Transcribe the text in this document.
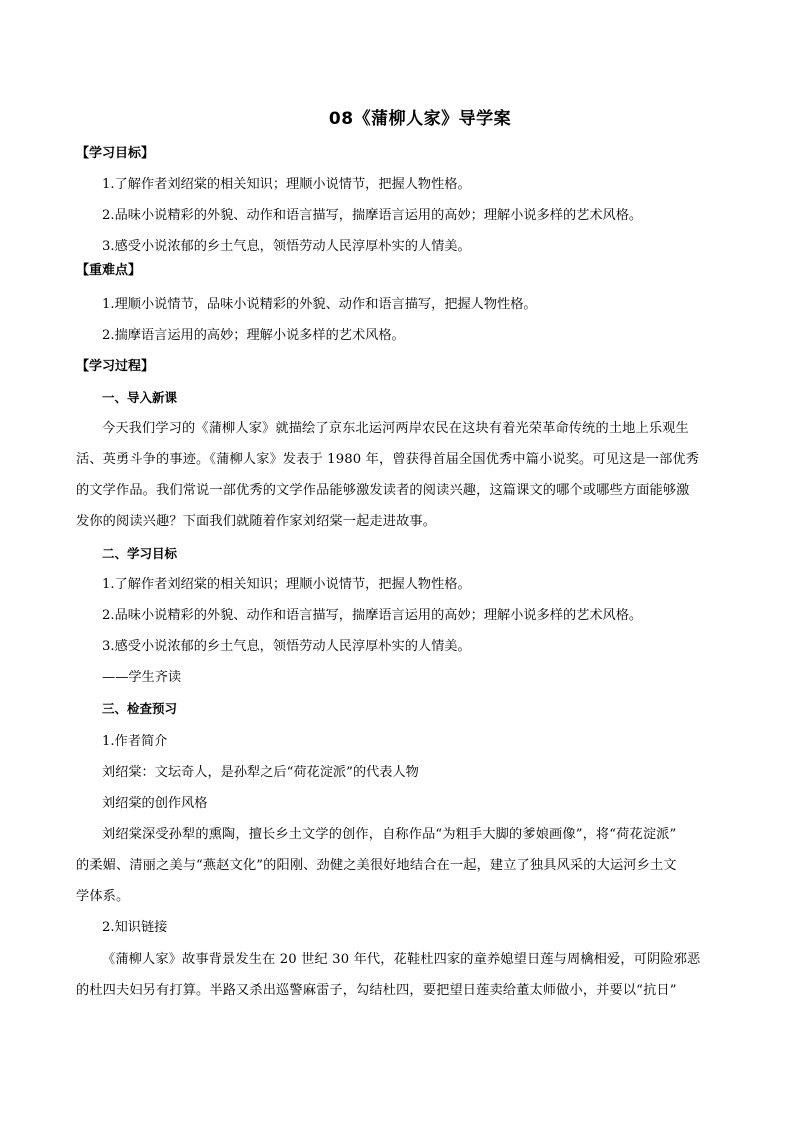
08《蒲柳人家》导学案
【学习目标】
1.了解作者刘绍棠的相关知识；理顺小说情节，把握人物性格。
2.品味小说精彩的外貌、动作和语言描写，揣摩语言运用的高妙；理解小说多样的艺术风格。
3.感受小说浓郁的乡土气息，领悟劳动人民淳厚朴实的人情美。
【重难点】
1.理顺小说情节，品味小说精彩的外貌、动作和语言描写，把握人物性格。
2.揣摩语言运用的高妙；理解小说多样的艺术风格。
【学习过程】
一、导入新课
今天我们学习的《蒲柳人家》就描绘了京东北运河两岸农民在这块有着光荣革命传统的土地上乐观生
活、英勇斗争的事迹。《蒲柳人家》发表于 1980 年，曾获得首届全国优秀中篇小说奖。可见这是一部优秀
的文学作品。我们常说一部优秀的文学作品能够激发读者的阅读兴趣，这篇课文的哪个或哪些方面能够激
发你的阅读兴趣？下面我们就随着作家刘绍棠一起走进故事。
二、学习目标
1.了解作者刘绍棠的相关知识；理顺小说情节，把握人物性格。
2.品味小说精彩的外貌、动作和语言描写，揣摩语言运用的高妙；理解小说多样的艺术风格。
3.感受小说浓郁的乡土气息，领悟劳动人民淳厚朴实的人情美。
——学生齐读
三、检查预习
1.作者简介
刘绍棠：文坛奇人，是孙犁之后“荷花淀派”的代表人物
刘绍棠的创作风格
刘绍棠深受孙犁的熏陶，擅长乡土文学的创作，自称作品“为粗手大脚的爹娘画像”，将“荷花淀派”
的柔媚、清丽之美与“燕赵文化”的阳刚、劲健之美很好地结合在一起，建立了独具风采的大运河乡土文
学体系。
2.知识链接
《蒲柳人家》故事背景发生在 20 世纪 30 年代，花鞋杜四家的童养媳望日莲与周檎相爱，可阴险邪恶
的杜四夫妇另有打算。半路又杀出巡警麻雷子，勾结杜四，要把望日莲卖给董太师做小，并要以“抗日”
